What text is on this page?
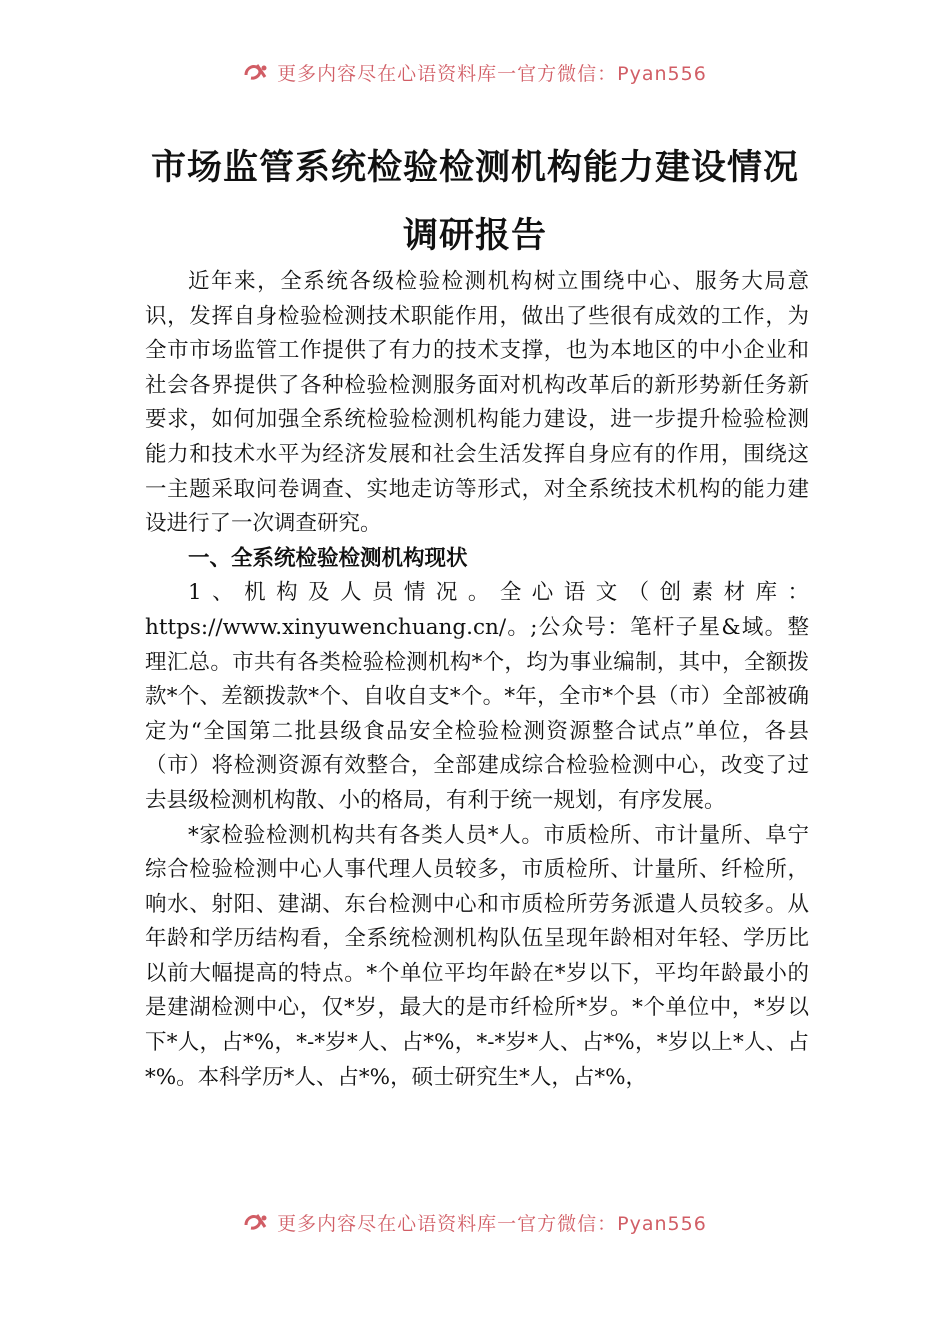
更多内容尽在心语资料库一官方微信：Pyan556
市场监管系统检验检测机构能力建设情况
调研报告

近年来，全系统各级检验检测机构树立围绕中心、服务大局意识，发挥自身检验检测技术职能作用，做出了些很有成效的工作，为全市市场监管工作提供了有力的技术支撑，也为本地区的中小企业和社会各界提供了各种检验检测服务面对机构改革后的新形势新任务新要求，如何加强全系统检验检测机构能力建设，进一步提升检验检测能力和技术水平为经济发展和社会生活发挥自身应有的作用，围绕这一主题采取问卷调查、实地走访等形式，对全系统技术机构的能力建设进行了一次调查研究。

一、全系统检验检测机构现状

1、机构及人员情况。全心语文（创素材库：https://www.xinyuwenchuang.cn/。;公众号：笔杆子星&域。整理汇总。市共有各类检验检测机构*个，均为事业编制，其中，全额拨款*个、差额拨款*个、自收自支*个。*年，全市*个县（市）全部被确定为“全国第二批县级食品安全检验检测资源整合试点”单位，各县（市）将检测资源有效整合，全部建成综合检验检测中心，改变了过去县级检测机构散、小的格局，有利于统一规划，有序发展。

*家检验检测机构共有各类人员*人。市质检所、市计量所、阜宁综合检验检测中心人事代理人员较多，市质检所、计量所、纤检所，响水、射阳、建湖、东台检测中心和市质检所劳务派遣人员较多。从年龄和学历结构看，全系统检测机构队伍呈现年龄相对年轻、学历比以前大幅提高的特点。*个单位平均年龄在*岁以下，平均年龄最小的是建湖检测中心，仅*岁，最大的是市纤检所*岁。*个单位中，*岁以下*人，占*%，*-*岁*人、占*%，*-*岁*人、占*%，*岁以上*人、占*%。本科学历*人、占*%，硕士研究生*人，占*%，

更多内容尽在心语资料库一官方微信：Pyan556
